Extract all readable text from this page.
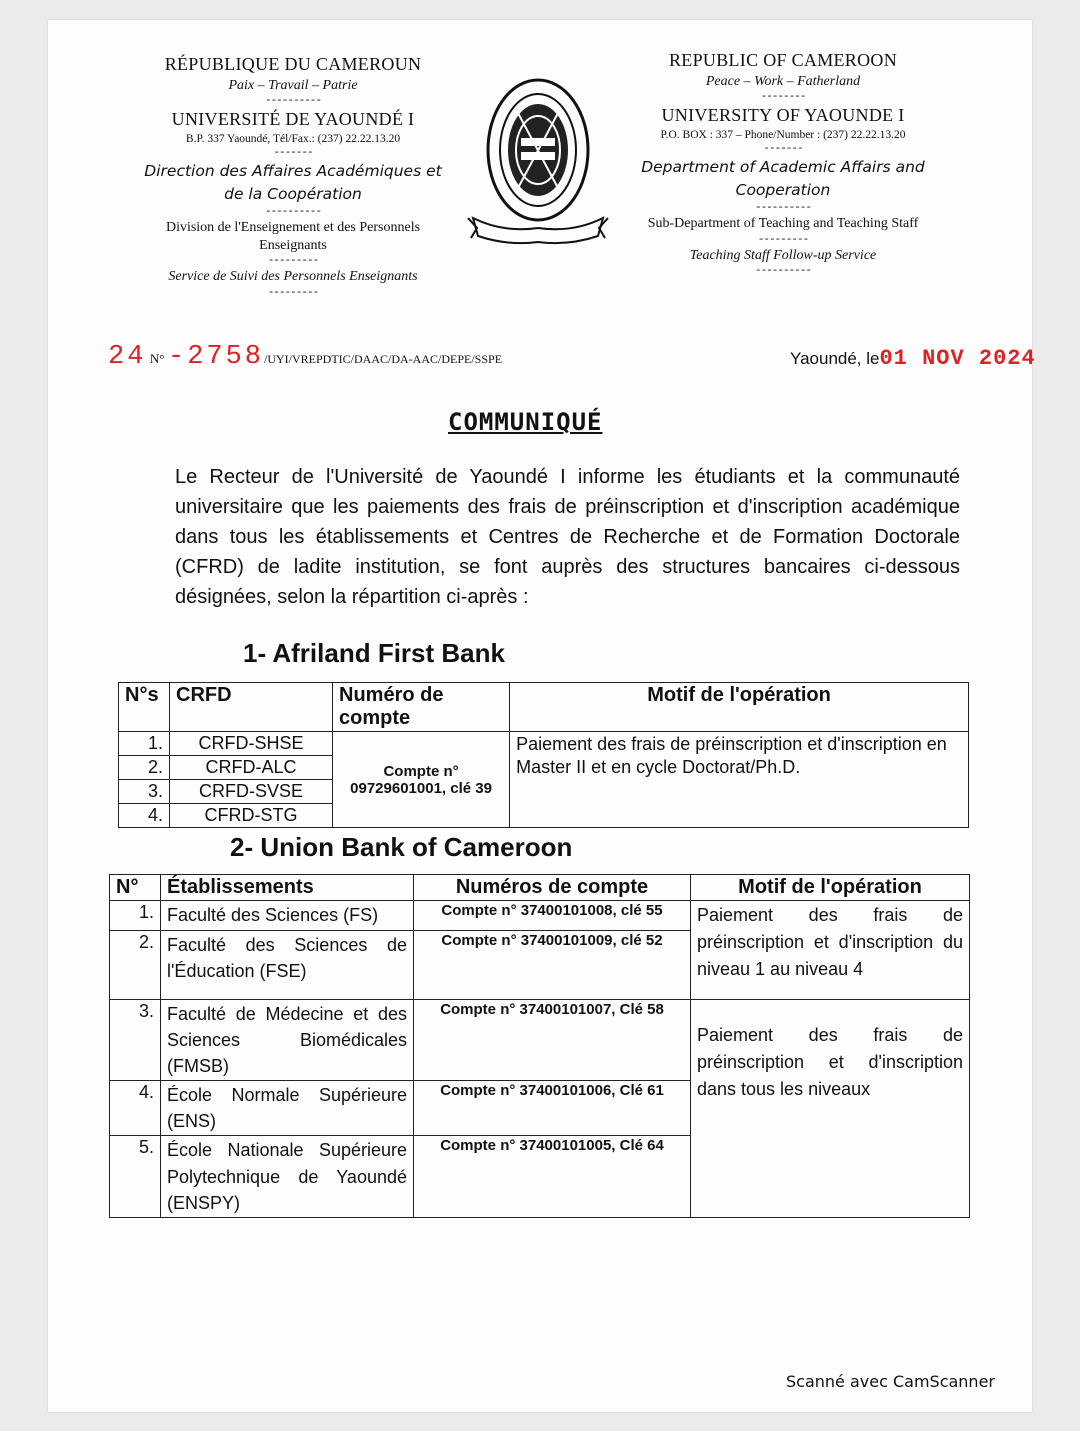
RÉPUBLIQUE DU CAMEROUN
Paix – Travail – Patrie
----------
UNIVERSITÉ DE YAOUNDÉ I
B.P. 337 Yaoundé, Tél/Fax.: (237) 22.22.13.20
-------
Direction des Affaires Académiques et de la Coopération
----------
Division de l'Enseignement et des Personnels Enseignants
---------
Service de Suivi des Personnels Enseignants
---------
REPUBLIC OF CAMEROON
Peace – Work – Fatherland
--------
UNIVERSITY OF YAOUNDE I
P.O. BOX : 337 – Phone/Number : (237) 22.22.13.20
-------
Department of Academic Affairs and Cooperation
----------
Sub-Department of Teaching and Teaching Staff
---------
Teaching Staff Follow-up Service
----------
24 N° -2758/UYI/VREPDTIC/DAAC/DA-AAC/DEPE/SSPE	Yaoundé, le01 NOV 2024
COMMUNIQUÉ
Le Recteur de l'Université de Yaoundé I informe les étudiants et la communauté universitaire que les paiements des frais de préinscription et d'inscription académique dans tous les établissements et Centres de Recherche et de Formation Doctorale (CFRD) de ladite institution, se font auprès des structures bancaires ci-dessous désignées, selon la répartition ci-après :
1- Afriland First Bank
N°s	CRFD	Numéro de compte	Motif de l'opération
1.	CRFD-SHSE	Compte n° 09729601001, clé 39	Paiement des frais de préinscription et d'inscription en Master II et en cycle Doctorat/Ph.D.
2.	CRFD-ALC		
3.	CRFD-SVSE		
4.	CFRD-STG		
2- Union Bank of Cameroon
N°	Établissements	Numéros de compte	Motif de l'opération
1.	Faculté des Sciences (FS)	Compte n° 37400101008, clé 55	Paiement des frais de préinscription et d'inscription du niveau 1 au niveau 4
2.	Faculté des Sciences de l'Éducation (FSE)	Compte n° 37400101009, clé 52	
3.	Faculté de Médecine et des Sciences Biomédicales (FMSB)	Compte n° 37400101007, Clé 58	Paiement des frais de préinscription et d'inscription dans tous les niveaux
4.	École Normale Supérieure (ENS)	Compte n° 37400101006, Clé 61	
5.	École Nationale Supérieure Polytechnique de Yaoundé (ENSPY)	Compte n° 37400101005, Clé 64	
Scanné avec CamScanner
